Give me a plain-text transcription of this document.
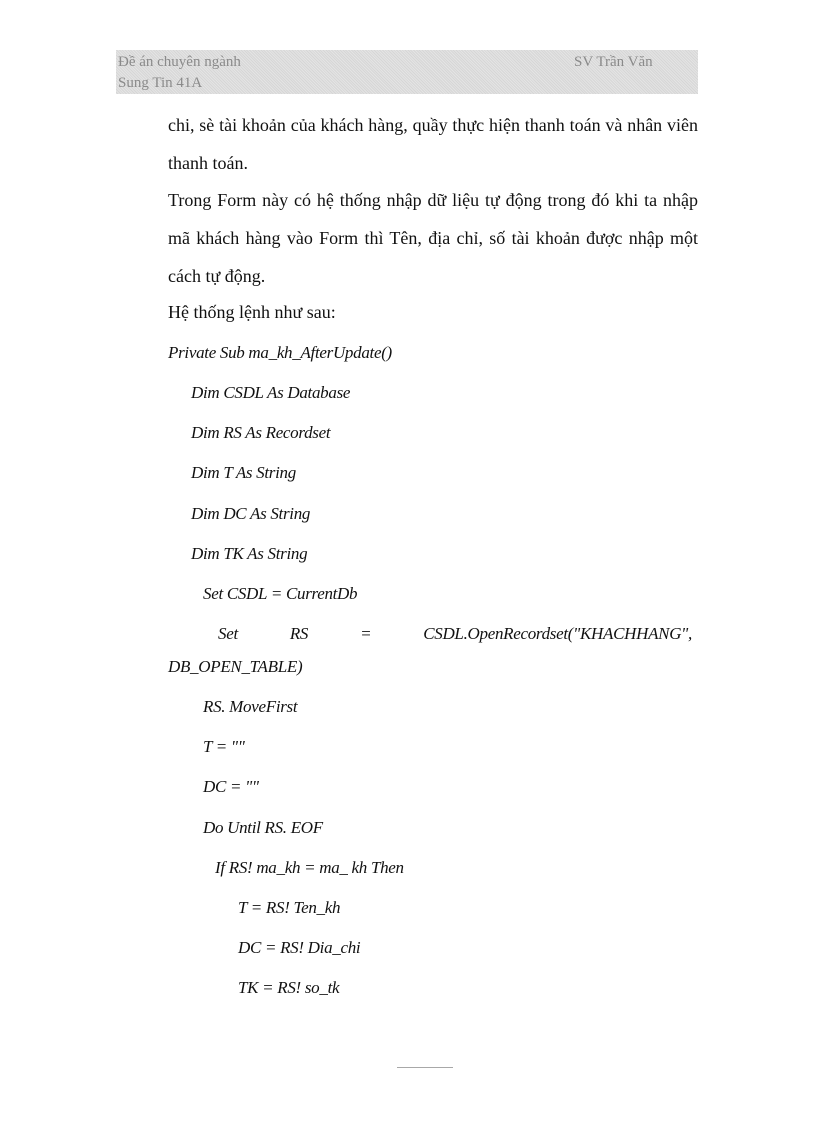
Đề án chuyên ngành	SV Trần Văn
Sung Tin 41A
chi, sè tài khoản của khách hàng, quầy thực hiện thanh toán và nhân viên thanh toán.
Trong Form này có hệ thống nhập dữ liệu tự động trong đó khi ta nhập mã khách hàng vào Form thì Tên, địa chỉ, số tài khoản được nhập một cách tự động.
Hệ thống lệnh như sau:
Private Sub ma_kh_AfterUpdate()
Dim CSDL As Database
Dim RS As Recordset
Dim T As String
Dim DC As String
Dim TK As String
Set CSDL = CurrentDb
Set	RS	=	CSDL.OpenRecordset("KHACHHANG",
DB_OPEN_TABLE)
RS. MoveFirst
T = ""
DC = ""
Do Until RS. EOF
If RS! ma_kh = ma_ kh Then
T = RS! Ten_kh
DC = RS! Dia_chi
TK = RS! so_tk
